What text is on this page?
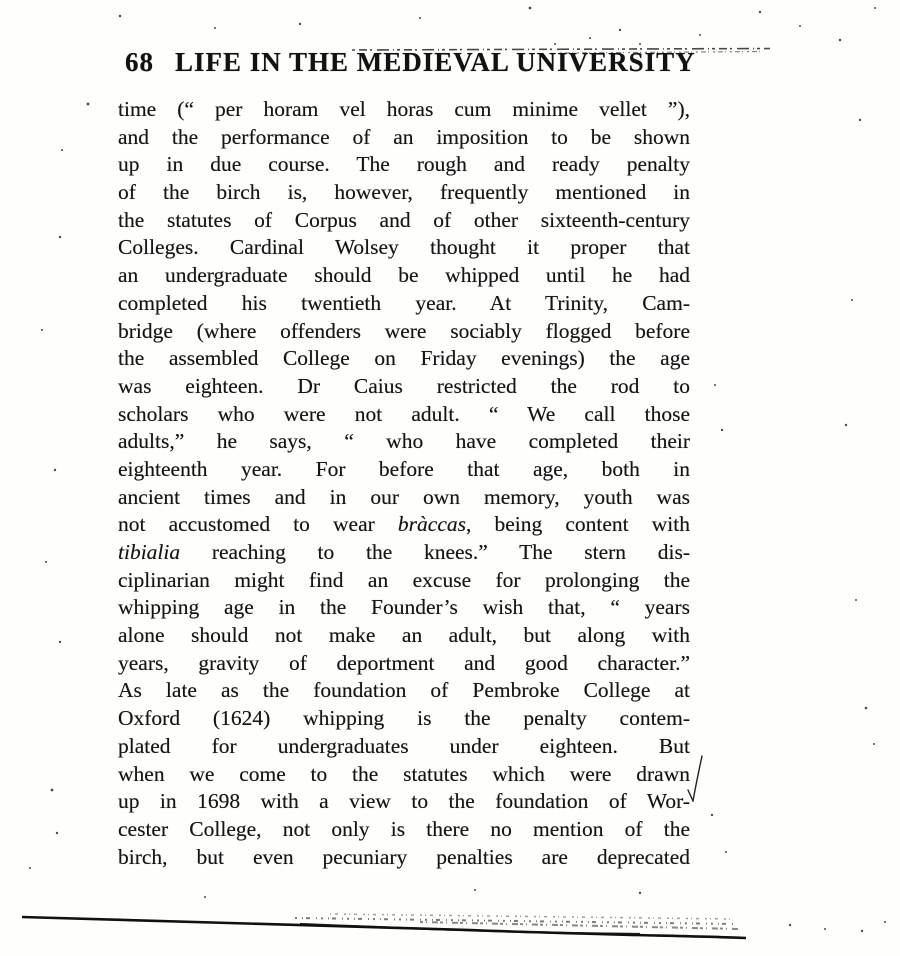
68 LIFE IN THE MEDIEVAL UNIVERSITY
time (“ per horam vel horas cum minime vellet ”),
and the performance of an imposition to be shown
up in due course. The rough and ready penalty
of the birch is, however, frequently mentioned in
the statutes of Corpus and of other sixteenth-century
Colleges. Cardinal Wolsey thought it proper that
an undergraduate should be whipped until he had
completed his twentieth year. At Trinity, Cam-
bridge (where offenders were sociably flogged before
the assembled College on Friday evenings) the age
was eighteen. Dr Caius restricted the rod to
scholars who were not adult. “ We call those
adults,” he says, “ who have completed their
eighteenth year. For before that age, both in
ancient times and in our own memory, youth was
not accustomed to wear bràccas, being content with
tibialia reaching to the knees.” The stern dis-
ciplinarian might find an excuse for prolonging the
whipping age in the Founder’s wish that, “ years
alone should not make an adult, but along with
years, gravity of deportment and good character.”
As late as the foundation of Pembroke College at
Oxford (1624) whipping is the penalty contem-
plated for undergraduates under eighteen. But
when we come to the statutes which were drawn
up in 1698 with a view to the foundation of Wor-
cester College, not only is there no mention of the
birch, but even pecuniary penalties are deprecated
